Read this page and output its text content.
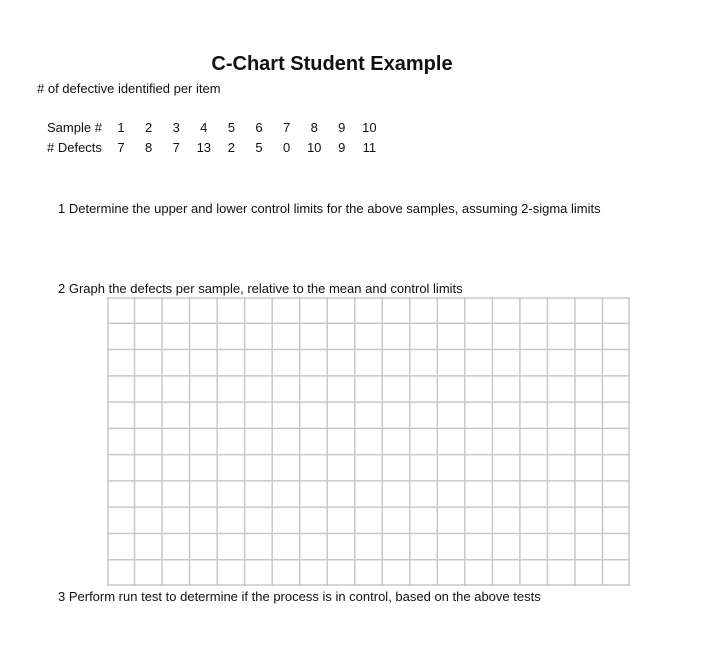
C-Chart Student Example
# of defective identified per item
Sample #
# Defects
1 Determine the upper and lower control limits for the above samples, assuming 2-sigma limits
2 Graph the defects per sample, relative to the mean and control limits
3 Perform run test to determine if the process is in control, based on the above tests
1
7
2
8
3
7
4
13
5
2
6
5
7
0
8
10
9
9
10
11
